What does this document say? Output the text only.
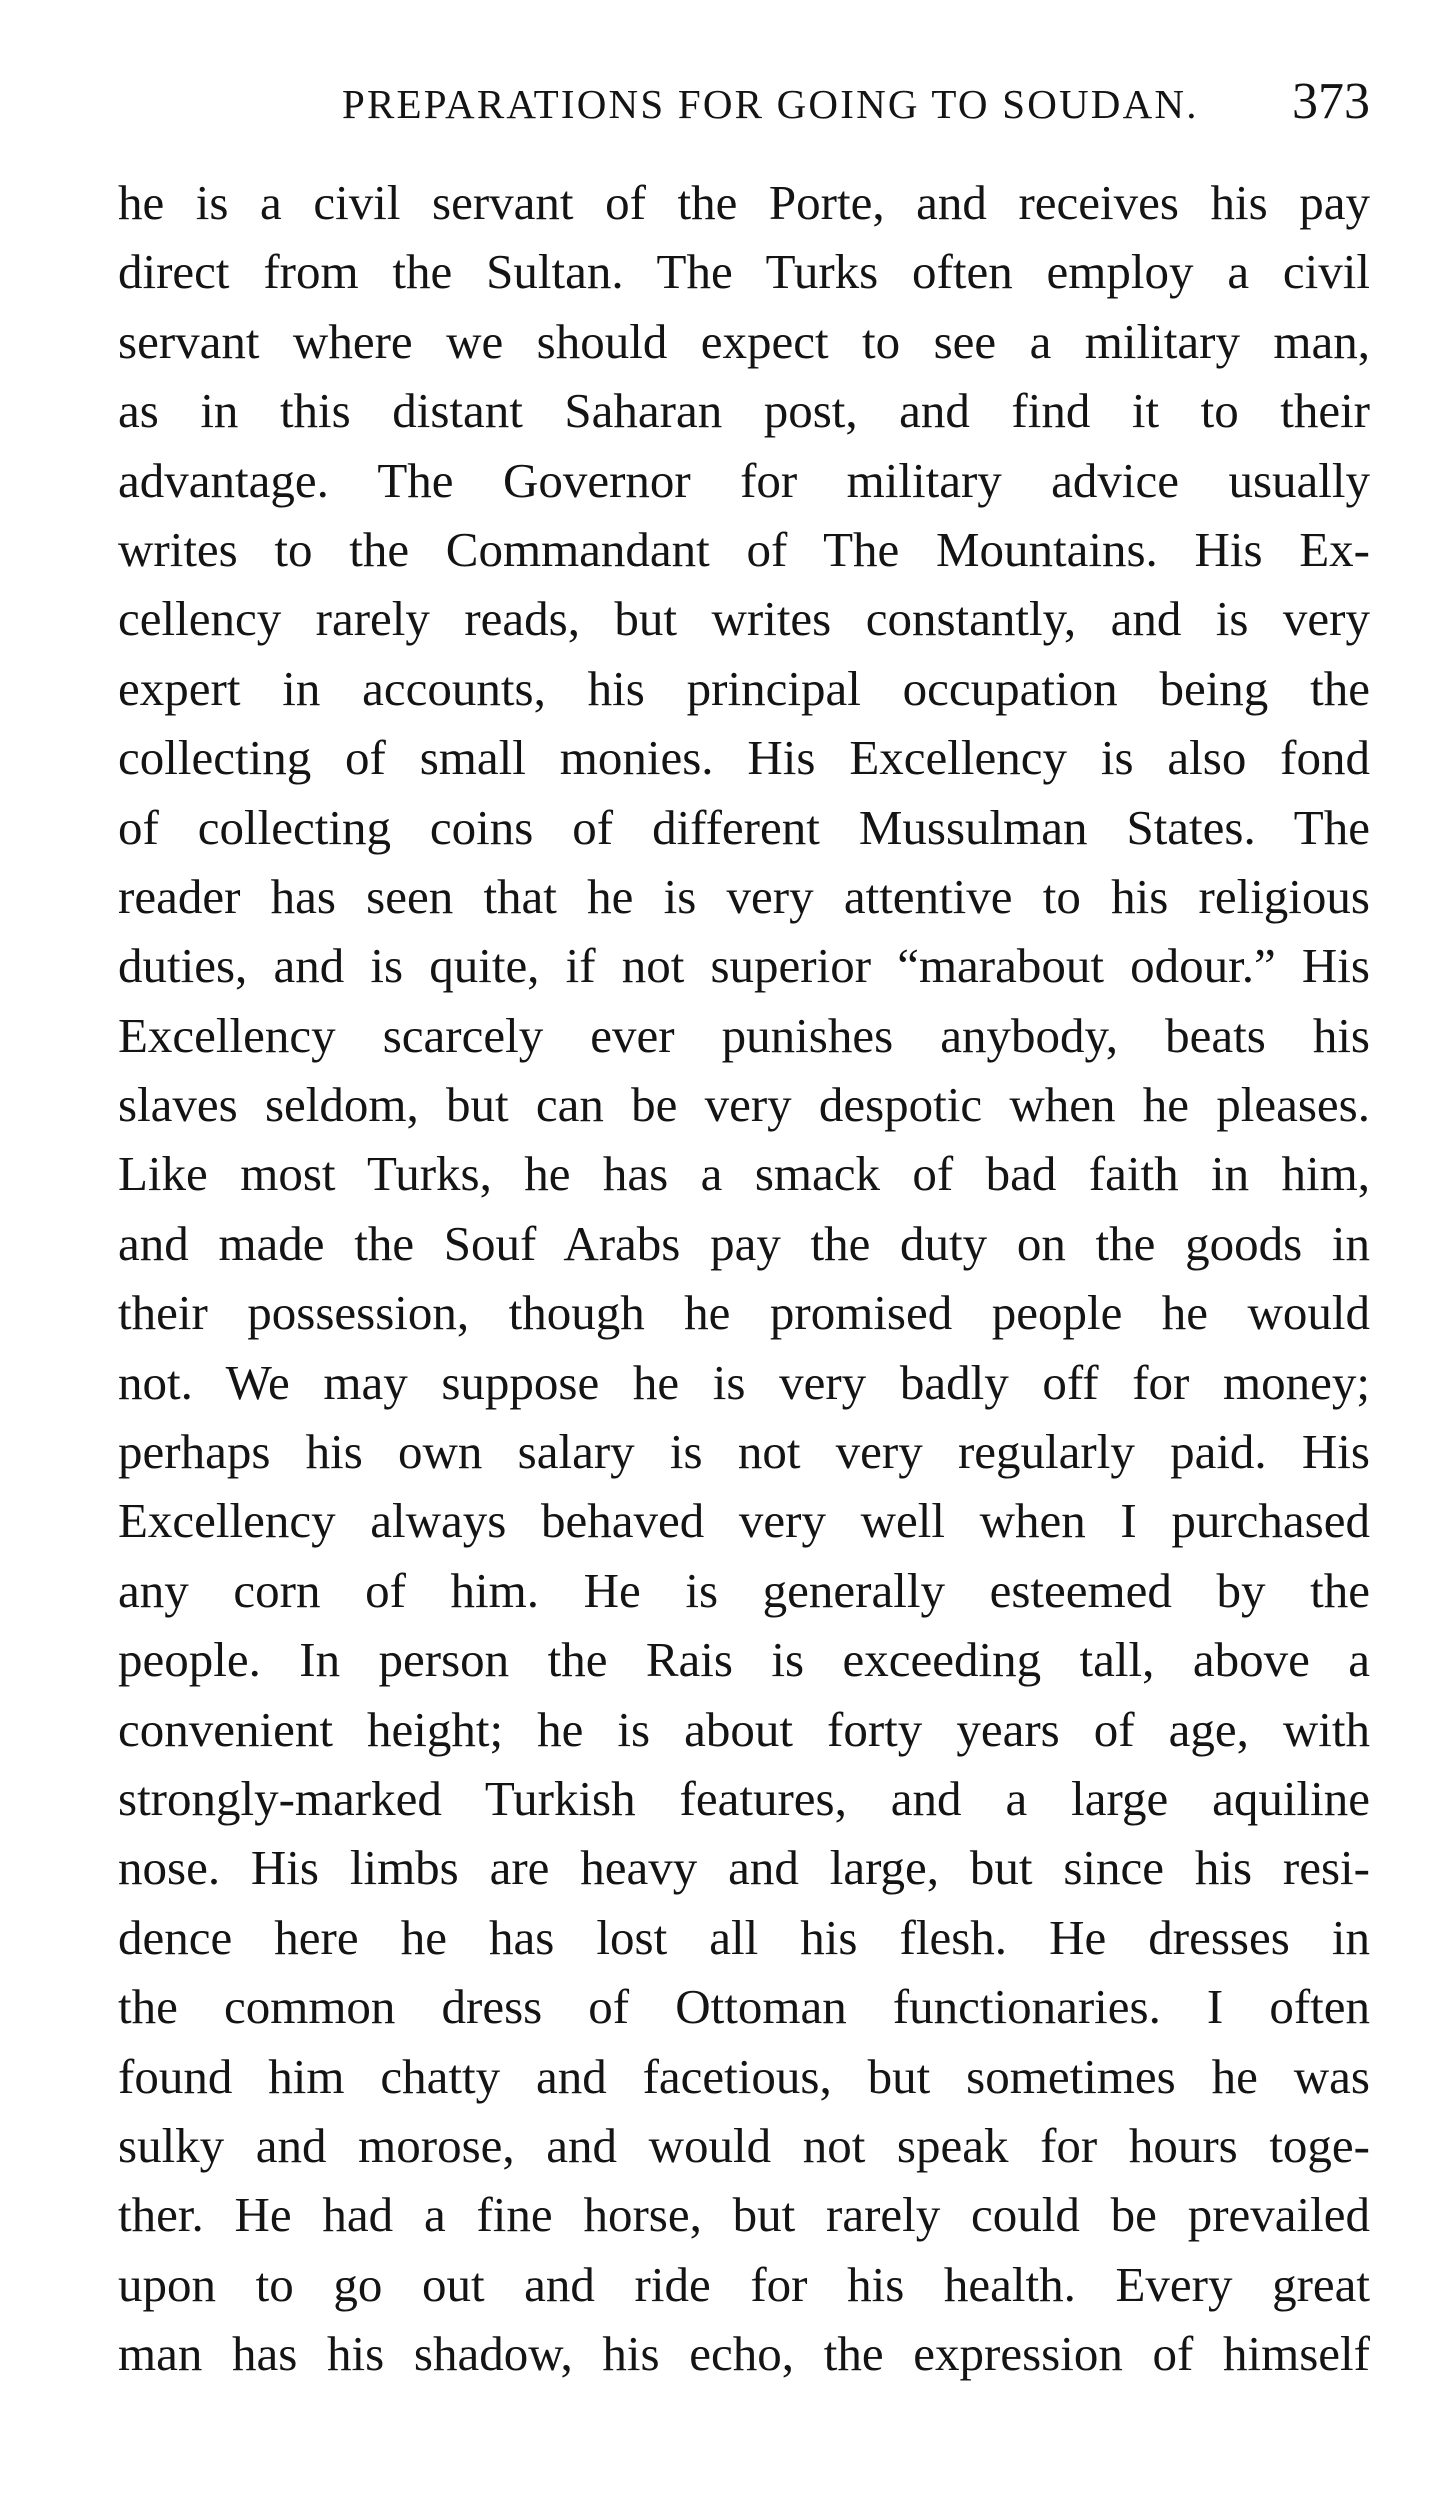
PREPARATIONS FOR GOING TO SOUDAN. 373
he is a civil servant of the Porte, and receives his pay
direct from the Sultan. The Turks often employ a civil
servant where we should expect to see a military man,
as in this distant Saharan post, and find it to their
advantage. The Governor for military advice usually
writes to the Commandant of The Mountains. His Ex-
cellency rarely reads, but writes constantly, and is very
expert in accounts, his principal occupation being the
collecting of small monies. His Excellency is also fond
of collecting coins of different Mussulman States. The
reader has seen that he is very attentive to his religious
duties, and is quite, if not superior “marabout odour.” His
Excellency scarcely ever punishes anybody, beats his
slaves seldom, but can be very despotic when he pleases.
Like most Turks, he has a smack of bad faith in him,
and made the Souf Arabs pay the duty on the goods in
their possession, though he promised people he would
not. We may suppose he is very badly off for money;
perhaps his own salary is not very regularly paid. His
Excellency always behaved very well when I purchased
any corn of him. He is generally esteemed by the
people. In person the Rais is exceeding tall, above a
convenient height; he is about forty years of age, with
strongly-marked Turkish features, and a large aquiline
nose. His limbs are heavy and large, but since his resi-
dence here he has lost all his flesh. He dresses in
the common dress of Ottoman functionaries. I often
found him chatty and facetious, but sometimes he was
sulky and morose, and would not speak for hours toge-
ther. He had a fine horse, but rarely could be prevailed
upon to go out and ride for his health. Every great
man has his shadow, his echo, the expression of himself
